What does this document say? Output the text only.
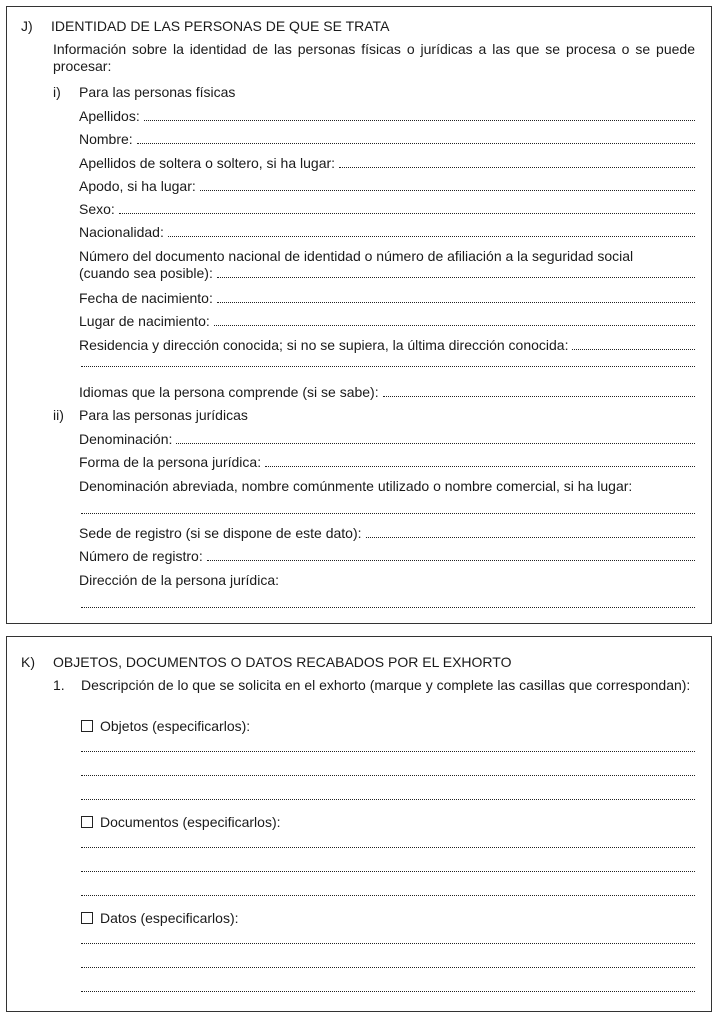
J) IDENTIDAD DE LAS PERSONAS DE QUE SE TRATA
Información sobre la identidad de las personas físicas o jurídicas a las que se procesa o se puede procesar:
i) Para las personas físicas
Apellidos:
Nombre:
Apellidos de soltera o soltero, si ha lugar:
Apodo, si ha lugar:
Sexo:
Nacionalidad:
Número del documento nacional de identidad o número de afiliación a la seguridad social
(cuando sea posible):
Fecha de nacimiento:
Lugar de nacimiento:
Residencia y dirección conocida; si no se supiera, la última dirección conocida:
Idiomas que la persona comprende (si se sabe):
ii) Para las personas jurídicas
Denominación:
Forma de la persona jurídica:
Denominación abreviada, nombre comúnmente utilizado o nombre comercial, si ha lugar:
Sede de registro (si se dispone de este dato):
Número de registro:
Dirección de la persona jurídica:
K) OBJETOS, DOCUMENTOS O DATOS RECABADOS POR EL EXHORTO
1. Descripción de lo que se solicita en el exhorto (marque y complete las casillas que correspondan):
Objetos (especificarlos):
Documentos (especificarlos):
Datos (especificarlos):
